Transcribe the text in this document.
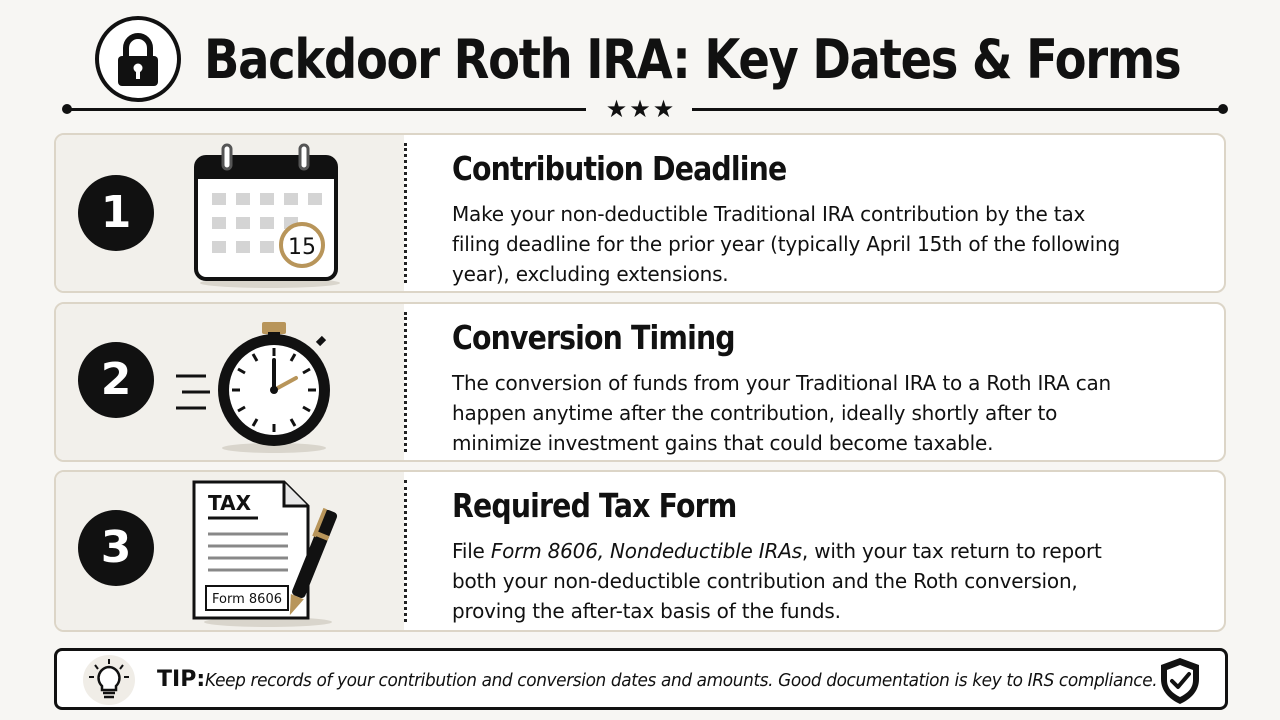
Backdoor Roth IRA: Key Dates & Forms
★★★
1
15
Contribution Deadline

Make your non-deductible Traditional IRA contribution by the tax filing deadline for the prior year (typically April 15th of the following year), excluding extensions.

2
Conversion Timing

The conversion of funds from your Traditional IRA to a Roth IRA can happen anytime after the contribution, ideally shortly after to minimize investment gains that could become taxable.

3
TAX
Form 8606
Required Tax Form

File Form 8606, Nondeductible IRAs, with your tax return to report both your non-deductible contribution and the Roth conversion, proving the after-tax basis of the funds.

TIP: Keep records of your contribution and conversion dates and amounts. Good documentation is key to IRS compliance.
